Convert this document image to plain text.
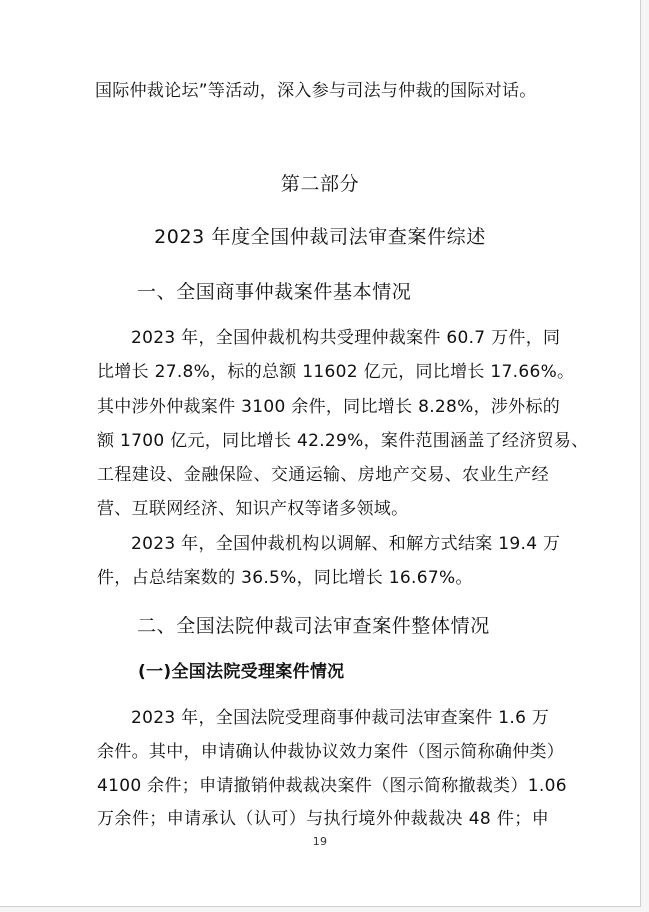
国际仲裁论坛”等活动，深入参与司法与仲裁的国际对话。
第二部分
2023 年度全国仲裁司法审查案件综述
一、全国商事仲裁案件基本情况
2023 年，全国仲裁机构共受理仲裁案件 60.7 万件，同
比增长 27.8%，标的总额 11602 亿元，同比增长 17.66%。
其中涉外仲裁案件 3100 余件，同比增长 8.28%，涉外标的
额 1700 亿元，同比增长 42.29%，案件范围涵盖了经济贸易、
工程建设、金融保险、交通运输、房地产交易、农业生产经
营、互联网经济、知识产权等诸多领域。
2023 年，全国仲裁机构以调解、和解方式结案 19.4 万
件，占总结案数的 36.5%，同比增长 16.67%。
二、全国法院仲裁司法审查案件整体情况
(一)全国法院受理案件情况
2023 年，全国法院受理商事仲裁司法审查案件 1.6 万
余件。其中，申请确认仲裁协议效力案件（图示简称确仲类）
4100 余件；申请撤销仲裁裁决案件（图示简称撤裁类）1.06
万余件；申请承认（认可）与执行境外仲裁裁决 48 件；申
19
